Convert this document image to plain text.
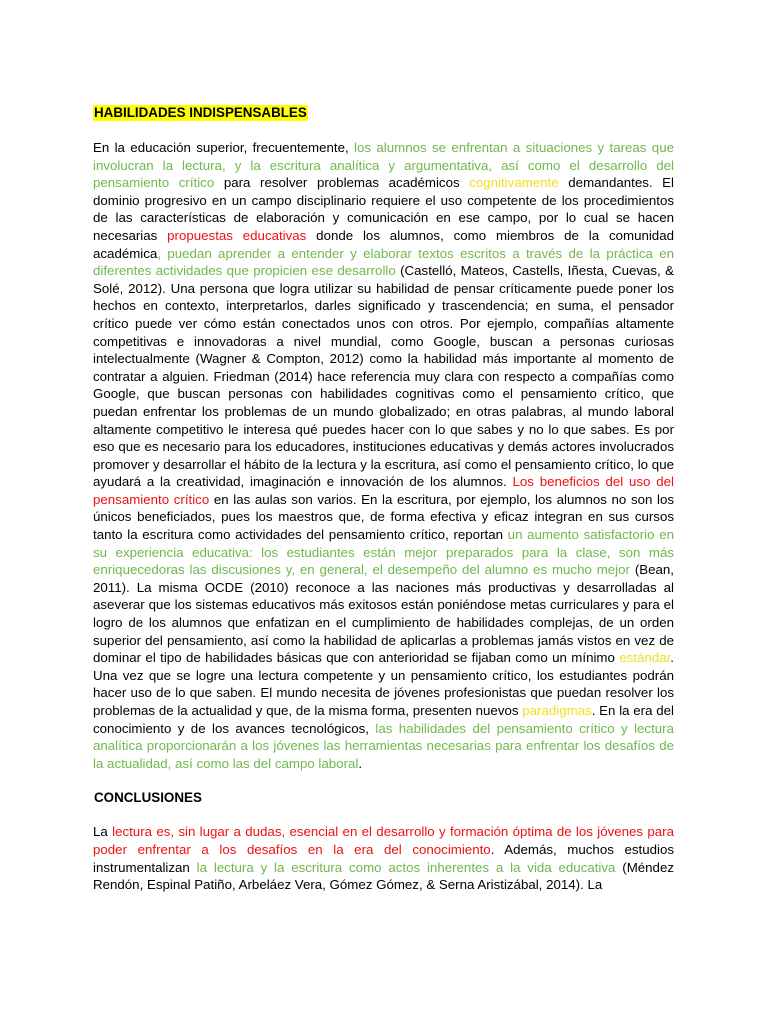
HABILIDADES INDISPENSABLES

En la educación superior, frecuentemente, los alumnos se enfrentan a situaciones y tareas que involucran la lectura, y la escritura analítica y argumentativa, así como el desarrollo del pensamiento crítico para resolver problemas académicos cognitivamente demandantes. El dominio progresivo en un campo disciplinario requiere el uso competente de los procedimientos de las características de elaboración y comunicación en ese campo, por lo cual se hacen necesarias propuestas educativas donde los alumnos, como miembros de la comunidad académica, puedan aprender a entender y elaborar textos escritos a través de la práctica en diferentes actividades que propicien ese desarrollo (Castelló, Mateos, Castells, Iñesta, Cuevas, & Solé, 2012). Una persona que logra utilizar su habilidad de pensar críticamente puede poner los hechos en contexto, interpretarlos, darles significado y trascendencia; en suma, el pensador crítico puede ver cómo están conectados unos con otros. Por ejemplo, compañías altamente competitivas e innovadoras a nivel mundial, como Google, buscan a personas curiosas intelectualmente (Wagner & Compton, 2012) como la habilidad más importante al momento de contratar a alguien. Friedman (2014) hace referencia muy clara con respecto a compañías como Google, que buscan personas con habilidades cognitivas como el pensamiento crítico, que puedan enfrentar los problemas de un mundo globalizado; en otras palabras, al mundo laboral altamente competitivo le interesa qué puedes hacer con lo que sabes y no lo que sabes. Es por eso que es necesario para los educadores, instituciones educativas y demás actores involucrados promover y desarrollar el hábito de la lectura y la escritura, así como el pensamiento crítico, lo que ayudará a la creatividad, imaginación e innovación de los alumnos. Los beneficios del uso del pensamiento crítico en las aulas son varios. En la escritura, por ejemplo, los alumnos no son los únicos beneficiados, pues los maestros que, de forma efectiva y eficaz integran en sus cursos tanto la escritura como actividades del pensamiento crítico, reportan un aumento satisfactorio en su experiencia educativa: los estudiantes están mejor preparados para la clase, son más enriquecedoras las discusiones y, en general, el desempeño del alumno es mucho mejor (Bean, 2011). La misma OCDE (2010) reconoce a las naciones más productivas y desarrolladas al aseverar que los sistemas educativos más exitosos están poniéndose metas curriculares y para el logro de los alumnos que enfatizan en el cumplimiento de habilidades complejas, de un orden superior del pensamiento, así como la habilidad de aplicarlas a problemas jamás vistos en vez de dominar el tipo de habilidades básicas que con anterioridad se fijaban como un mínimo estándar. Una vez que se logre una lectura competente y un pensamiento crítico, los estudiantes podrán hacer uso de lo que saben. El mundo necesita de jóvenes profesionistas que puedan resolver los problemas de la actualidad y que, de la misma forma, presenten nuevos paradigmas. En la era del conocimiento y de los avances tecnológicos, las habilidades del pensamiento crítico y lectura analítica proporcionarán a los jóvenes las herramientas necesarias para enfrentar los desafíos de la actualidad, así como las del campo laboral.

CONCLUSIONES

La lectura es, sin lugar a dudas, esencial en el desarrollo y formación óptima de los jóvenes para poder enfrentar a los desafíos en la era del conocimiento. Además, muchos estudios instrumentalizan la lectura y la escritura como actos inherentes a la vida educativa (Méndez Rendón, Espinal Patiño, Arbeláez Vera, Gómez Gómez, & Serna Aristizábal, 2014). La
